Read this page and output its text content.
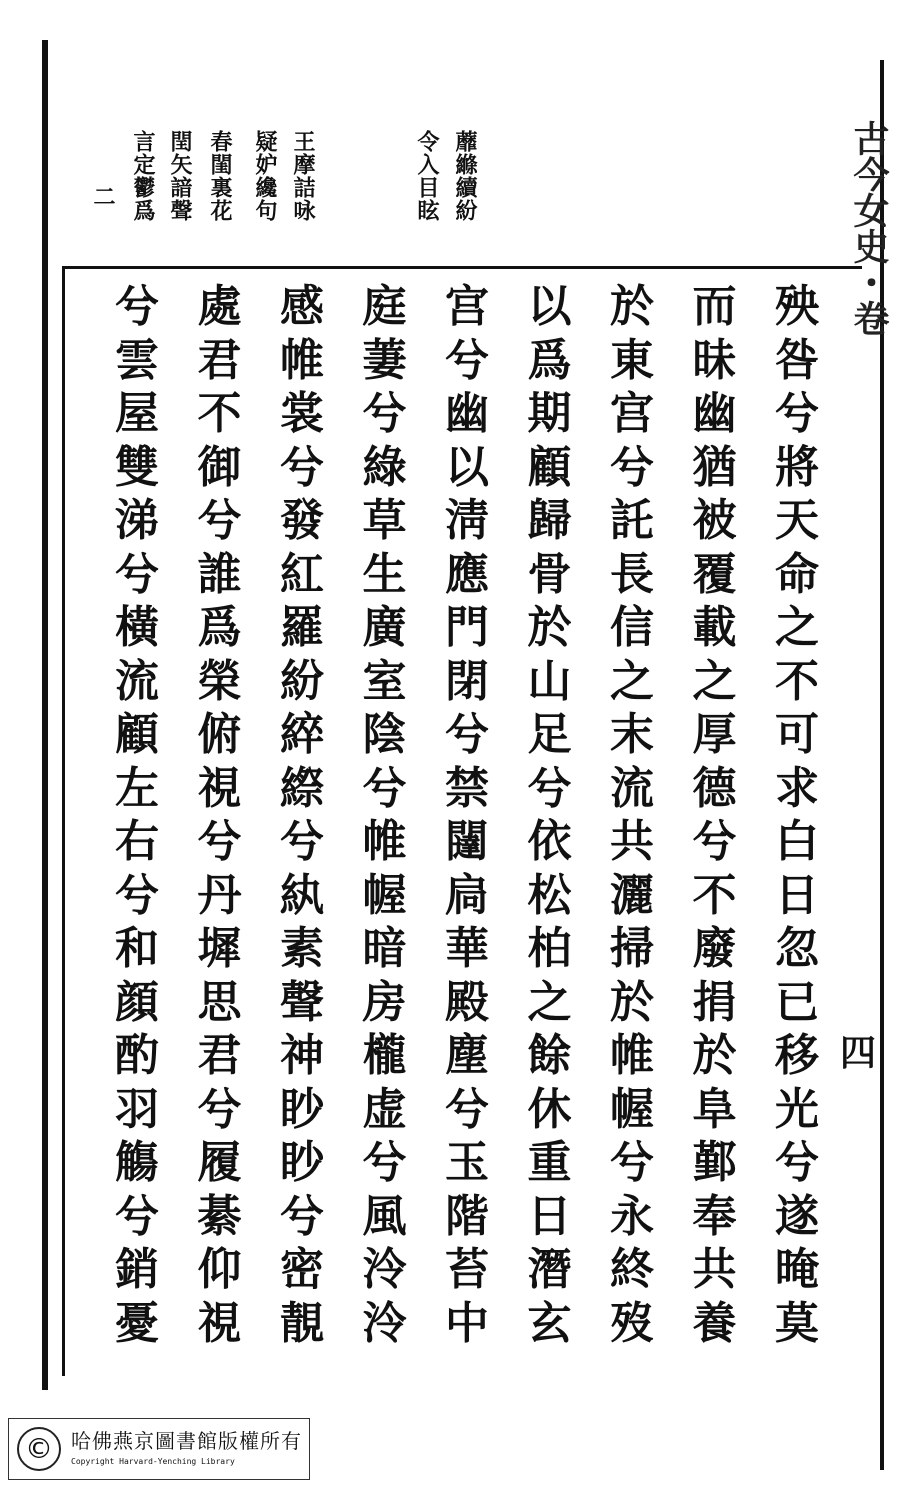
古今女史・卷
四
蘼縧續紛
令入目眩
王摩詰咏
疑妒纔句
春閨裏花
閏矢諳聲
言定鬱爲
二
殃
咎
兮
將
天
命
之
不
可
求
白
日
忽
已
移
光
兮
遂
晻
莫
而
昧
幽
猶
被
覆
載
之
厚
德
兮
不
廢
捐
於
阜
鄞
奉
共
養
於
東
宫
兮
託
長
信
之
末
流
共
灑
掃
於
帷
幄
兮
永
終
歿
以
爲
期
顧
歸
骨
於
山
足
兮
依
松
柏
之
餘
休
重
日
潛
玄
宫
兮
幽
以
淸
應
門
閉
兮
禁
闥
扃
華
殿
塵
兮
玉
階
苔
中
庭
萋
兮
綠
草
生
廣
室
陰
兮
帷
幄
暗
房
櫳
虚
兮
風
泠
泠
感
帷
裳
兮
發
紅
羅
紛
綷
縩
兮
紈
素
聲
神
眇
眇
兮
密
靚
處
君
不
御
兮
誰
爲
榮
俯
視
兮
丹
墀
思
君
兮
履
綦
仰
視
兮
雲
屋
雙
涕
兮
橫
流
顧
左
右
兮
和
顔
酌
羽
觴
兮
銷
憂
© 哈佛燕京圖書館版權所有
Copyright Harvard-Yenching Library
